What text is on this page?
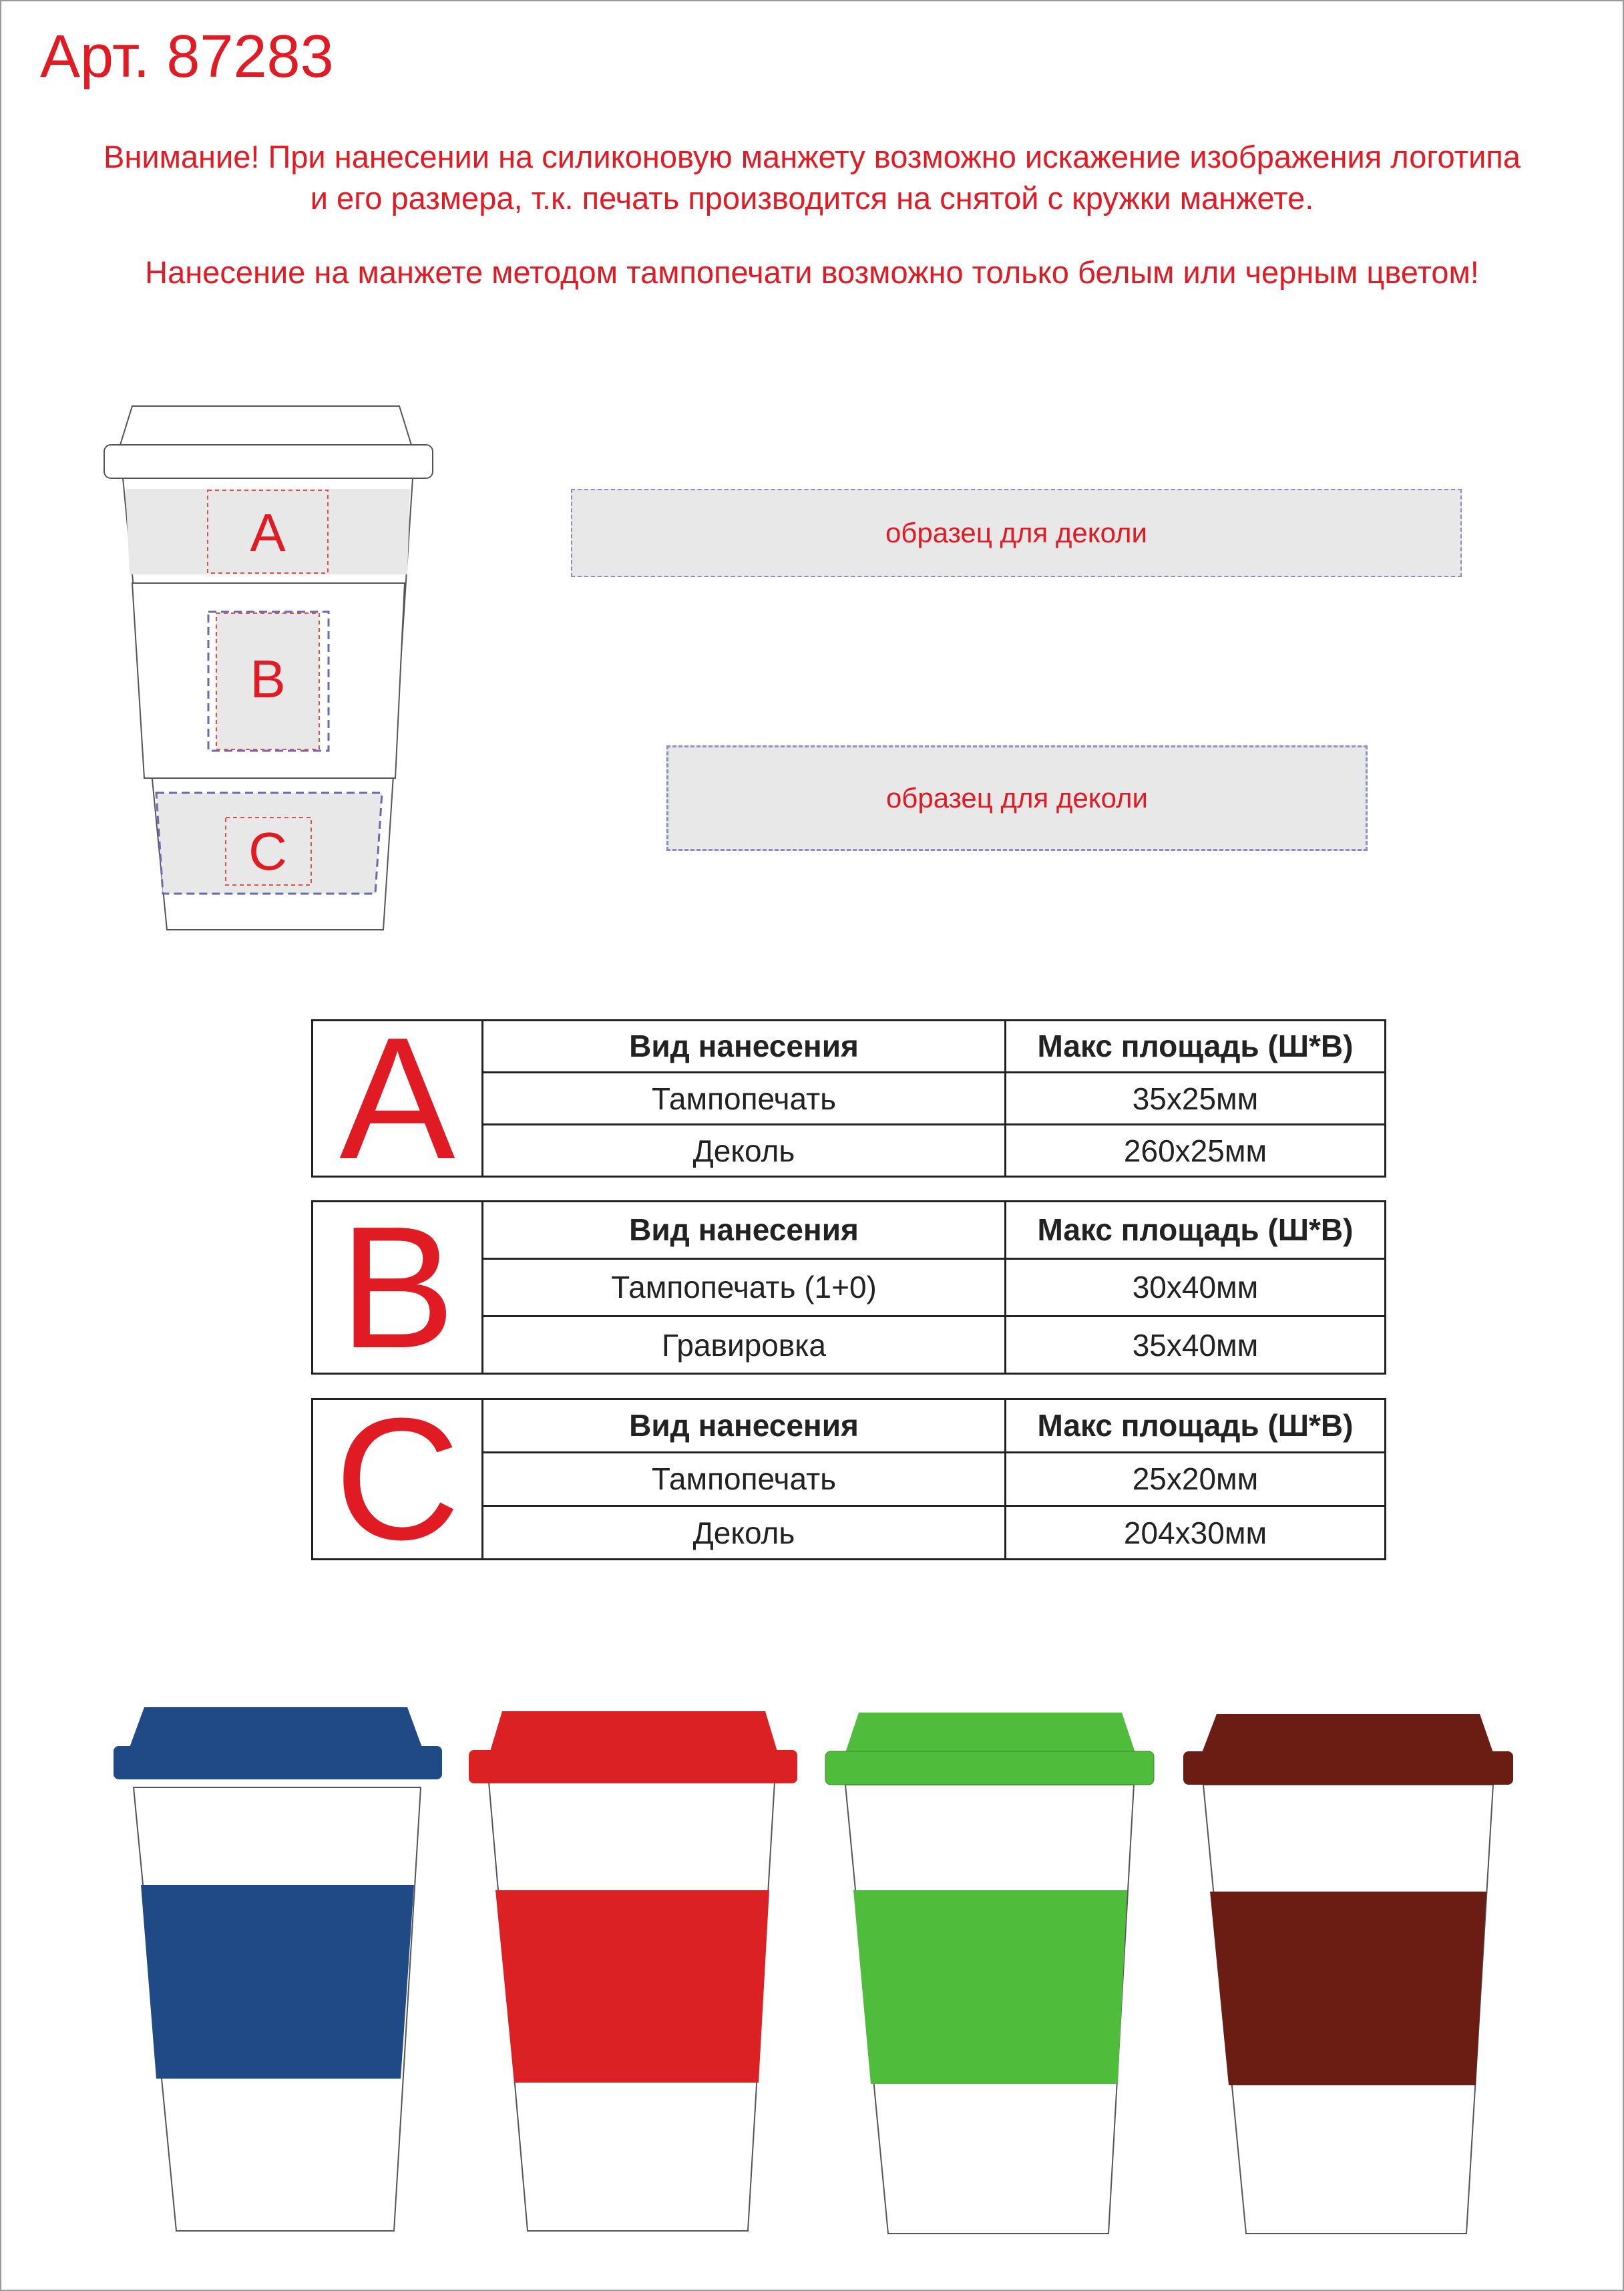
Арт. 87283
Внимание! При нанесении на силиконовую манжету возможно искажение изображения логотипа
и его размера, т.к. печать производится на снятой с кружки манжете.
Нанесение на манжете методом тампопечати возможно только белым или черным цветом!
A
B
C
образец для деколи
образец для деколи
A	Вид нанесения	Макс площадь (Ш*В)
Тампопечать	35x25мм
Деколь	260x25мм
B	Вид нанесения	Макс площадь (Ш*В)
Тампопечать (1+0)	30x40мм
Гравировка	35x40мм
C	Вид нанесения	Макс площадь (Ш*В)
Тампопечать	25x20мм
Деколь	204x30мм
